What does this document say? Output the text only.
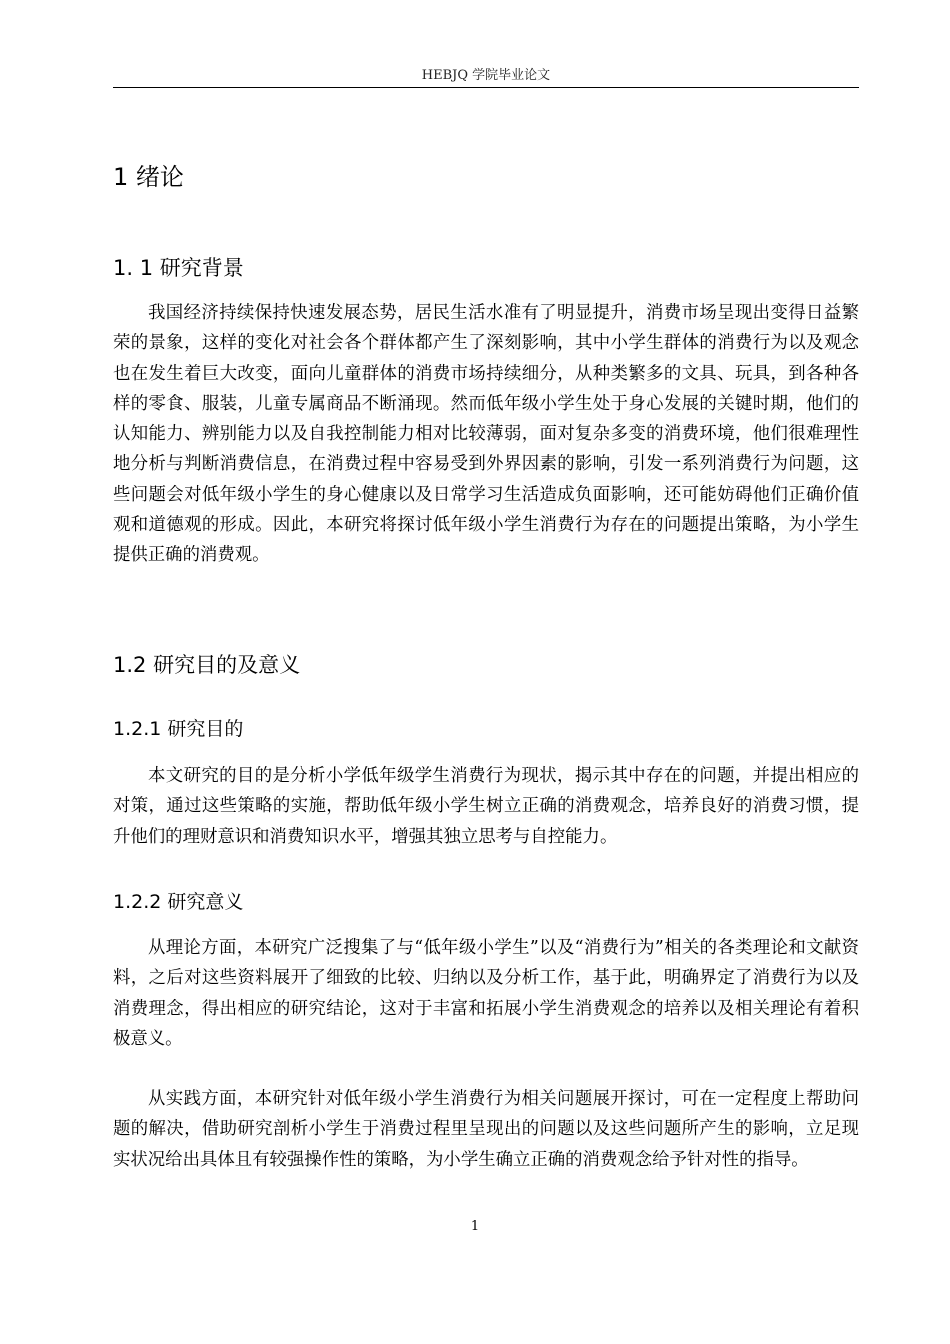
HEBJQ 学院毕业论文
1 绪论
1. 1 研究背景

我国经济持续保持快速发展态势，居民生活水准有了明显提升，消费市场呈现出变得日益繁荣的景象，这样的变化对社会各个群体都产生了深刻影响，其中小学生群体的消费行为以及观念也在发生着巨大改变，面向儿童群体的消费市场持续细分，从种类繁多的文具、玩具，到各种各样的零食、服装，儿童专属商品不断涌现。然而低年级小学生处于身心发展的关键时期，他们的认知能力、辨别能力以及自我控制能力相对比较薄弱，面对复杂多变的消费环境，他们很难理性地分析与判断消费信息，在消费过程中容易受到外界因素的影响，引发一系列消费行为问题，这些问题会对低年级小学生的身心健康以及日常学习生活造成负面影响，还可能妨碍他们正确价值观和道德观的形成。因此，本研究将探讨低年级小学生消费行为存在的问题提出策略，为小学生提供正确的消费观。

1.2 研究目的及意义
1.2.1 研究目的

本文研究的目的是分析小学低年级学生消费行为现状，揭示其中存在的问题，并提出相应的对策，通过这些策略的实施，帮助低年级小学生树立正确的消费观念，培养良好的消费习惯，提升他们的理财意识和消费知识水平，增强其独立思考与自控能力。

1.2.2 研究意义

从理论方面，本研究广泛搜集了与“低年级小学生”以及“消费行为”相关的各类理论和文献资料，之后对这些资料展开了细致的比较、归纳以及分析工作，基于此，明确界定了消费行为以及消费理念，得出相应的研究结论，这对于丰富和拓展小学生消费观念的培养以及相关理论有着积极意义。

从实践方面，本研究针对低年级小学生消费行为相关问题展开探讨，可在一定程度上帮助问题的解决，借助研究剖析小学生于消费过程里呈现出的问题以及这些问题所产生的影响，立足现实状况给出具体且有较强操作性的策略，为小学生确立正确的消费观念给予针对性的指导。

1
